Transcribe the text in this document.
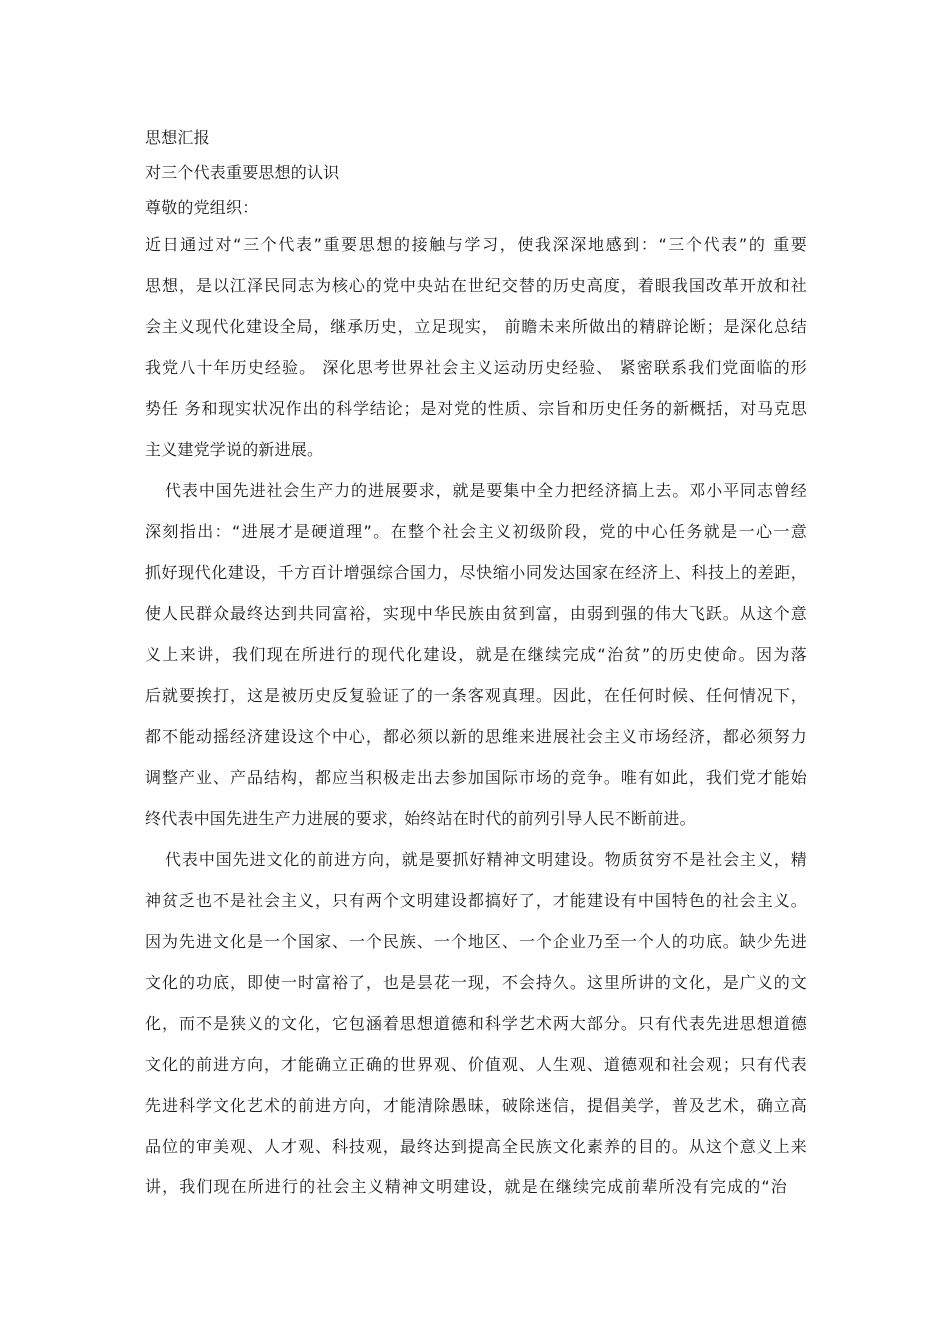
思想汇报
对三个代表重要思想的认识
尊敬的党组织：
近日通过对“三个代表”重要思想的接触与学习，使我深深地感到：“三个代表”的 重要
思想，是以江泽民同志为核心的党中央站在世纪交替的历史高度，着眼我国改革开放和社
会主义现代化建设全局，继承历史，立足现实， 前瞻未来所做出的精辟论断；是深化总结
我党八十年历史经验。 深化思考世界社会主义运动历史经验、 紧密联系我们党面临的形
势任 务和现实状况作出的科学结论；是对党的性质、宗旨和历史任务的新概括，对马克思
主义建党学说的新进展。
代表中国先进社会生产力的进展要求，就是要集中全力把经济搞上去。邓小平同志曾经
深刻指出：“进展才是硬道理”。在整个社会主义初级阶段，党的中心任务就是一心一意
抓好现代化建设，千方百计增强综合国力，尽快缩小同发达国家在经济上、科技上的差距，
使人民群众最终达到共同富裕，实现中华民族由贫到富，由弱到强的伟大飞跃。从这个意
义上来讲，我们现在所进行的现代化建设，就是在继续完成“治贫”的历史使命。因为落
后就要挨打，这是被历史反复验证了的一条客观真理。因此，在任何时候、任何情况下，
都不能动摇经济建设这个中心，都必须以新的思维来进展社会主义市场经济，都必须努力
调整产业、产品结构，都应当积极走出去参加国际市场的竞争。唯有如此，我们党才能始
终代表中国先进生产力进展的要求，始终站在时代的前列引导人民不断前进。
代表中国先进文化的前进方向，就是要抓好精神文明建设。物质贫穷不是社会主义，精
神贫乏也不是社会主义，只有两个文明建设都搞好了，才能建设有中国特色的社会主义。
因为先进文化是一个国家、一个民族、一个地区、一个企业乃至一个人的功底。缺少先进
文化的功底，即使一时富裕了，也是昙花一现，不会持久。这里所讲的文化，是广义的文
化，而不是狭义的文化，它包涵着思想道德和科学艺术两大部分。只有代表先进思想道德
文化的前进方向，才能确立正确的世界观、价值观、人生观、道德观和社会观；只有代表
先进科学文化艺术的前进方向，才能清除愚昧，破除迷信，提倡美学，普及艺术，确立高
品位的审美观、人才观、科技观，最终达到提高全民族文化素养的目的。从这个意义上来
讲，我们现在所进行的社会主义精神文明建设，就是在继续完成前辈所没有完成的“治
